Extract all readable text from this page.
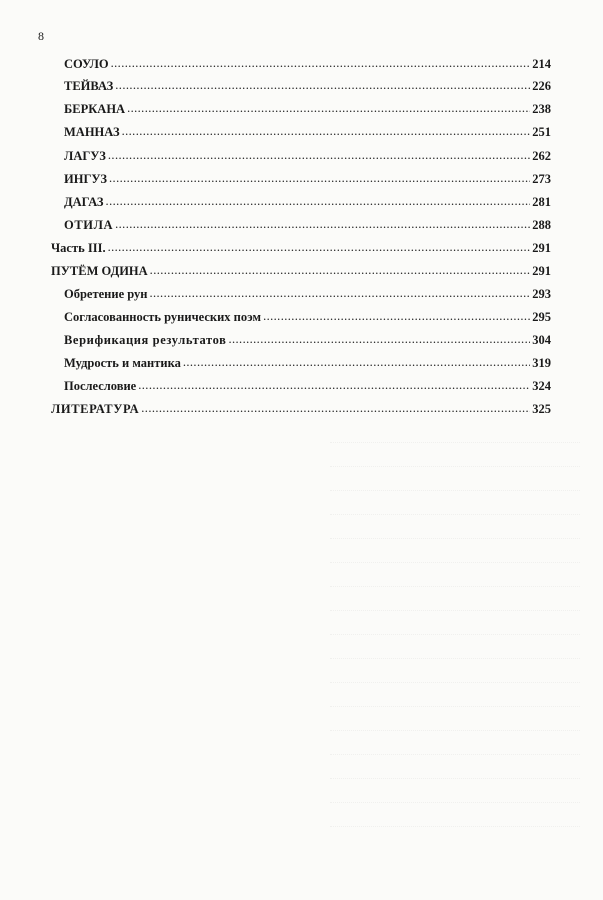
8
СОУЛО .....	214
ТЕЙВАЗ .....	226
БЕРКАНА .....	238
МАННАЗ .....	251
ЛАГУЗ .....	262
ИНГУЗ .....	273
ДАГАЗ .....	281
ОТИЛА .....	288
Часть III. .....	291
ПУТЁМ ОДИНА .....	291
Обретение рун .....	293
Согласованность рунических поэм .....	295
Верификация результатов .....	304
Мудрость и мантика .....	319
Послесловие .....	324
ЛИТЕРАТУРА .....	325
